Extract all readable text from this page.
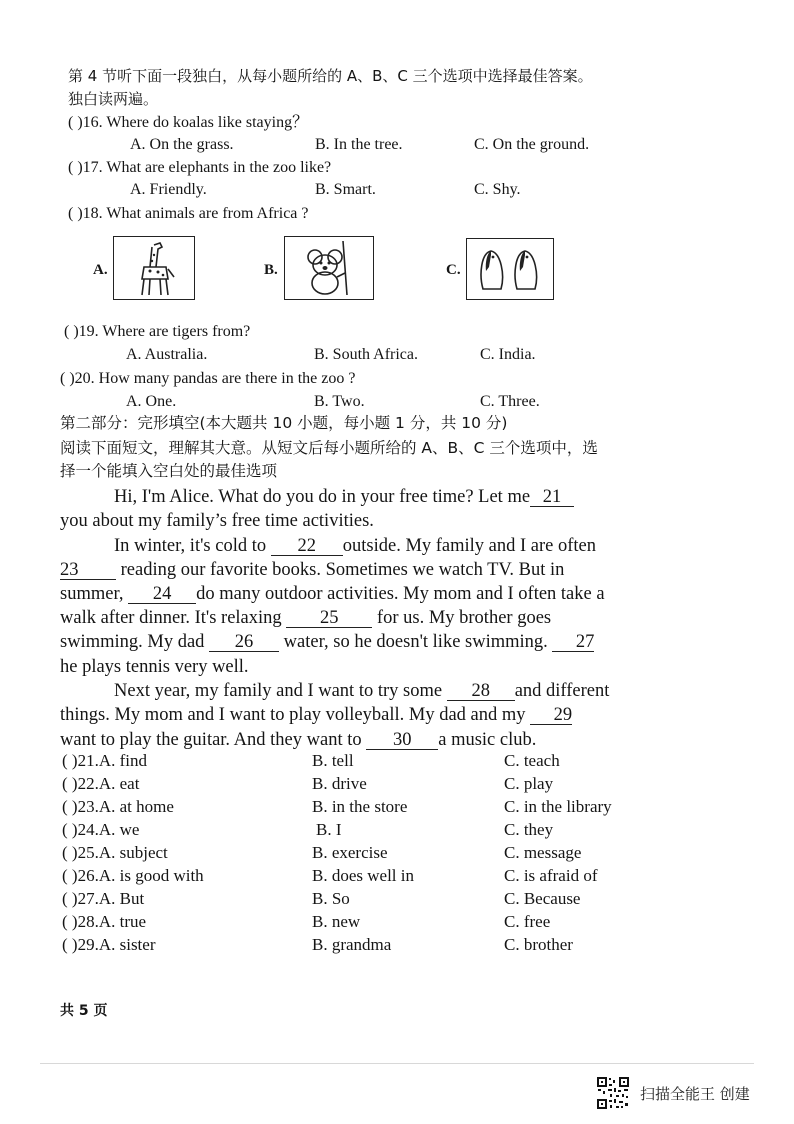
第 4 节听下面一段独白，从每小题所给的 A、B、C 三个选项中选择最佳答案。
独白读两遍。
( )16. Where do koalas like staying？
A. On the grass.	B. In the tree.	C. On the ground.
( )17. What are elephants in the zoo like?
A. Friendly.	B. Smart.	C. Shy.
( )18. What animals are from Africa ?
A.	B.	C.
( )19. Where are tigers from?
A. Australia.	B. South Africa.	C. India.
( )20. How many pandas are there in the zoo ?
A. One.	B. Two.	C. Three.
第二部分：完形填空(本大题共 10 小题，每小题 1 分，共 10 分)
阅读下面短文，理解其大意。从短文后每小题所给的 A、B、C 三个选项中，选
择一个能填入空白处的最佳选项
Hi, I'm Alice. What do you do in your free time? Let me 21
you about my family’s free time activities.
In winter, it's cold to 22 outside. My family and I are often
23 reading our favorite books. Sometimes we watch TV. But in
summer, 24 do many outdoor activities. My mom and I often take a
walk after dinner. It's relaxing 25 for us. My brother goes
swimming. My dad 26 water, so he doesn't like swimming. 27
he plays tennis very well.
Next year, my family and I want to try some 28 and different
things. My mom and I want to play volleyball. My dad and my 29
want to play the guitar. And they want to 30 a music club.
( )21.A. find	B. tell	C. teach
( )22.A. eat	B. drive	C. play
( )23.A. at home	B. in the store	C. in the library
( )24.A. we	B. I	C. they
( )25.A. subject	B. exercise	C. message
( )26.A. is good with	B. does well in	C. is afraid of
( )27.A. But	B. So	C. Because
( )28.A. true	B. new	C. free
( )29.A. sister	B. grandma	C. brother
共 5 页
扫描全能王 创建
